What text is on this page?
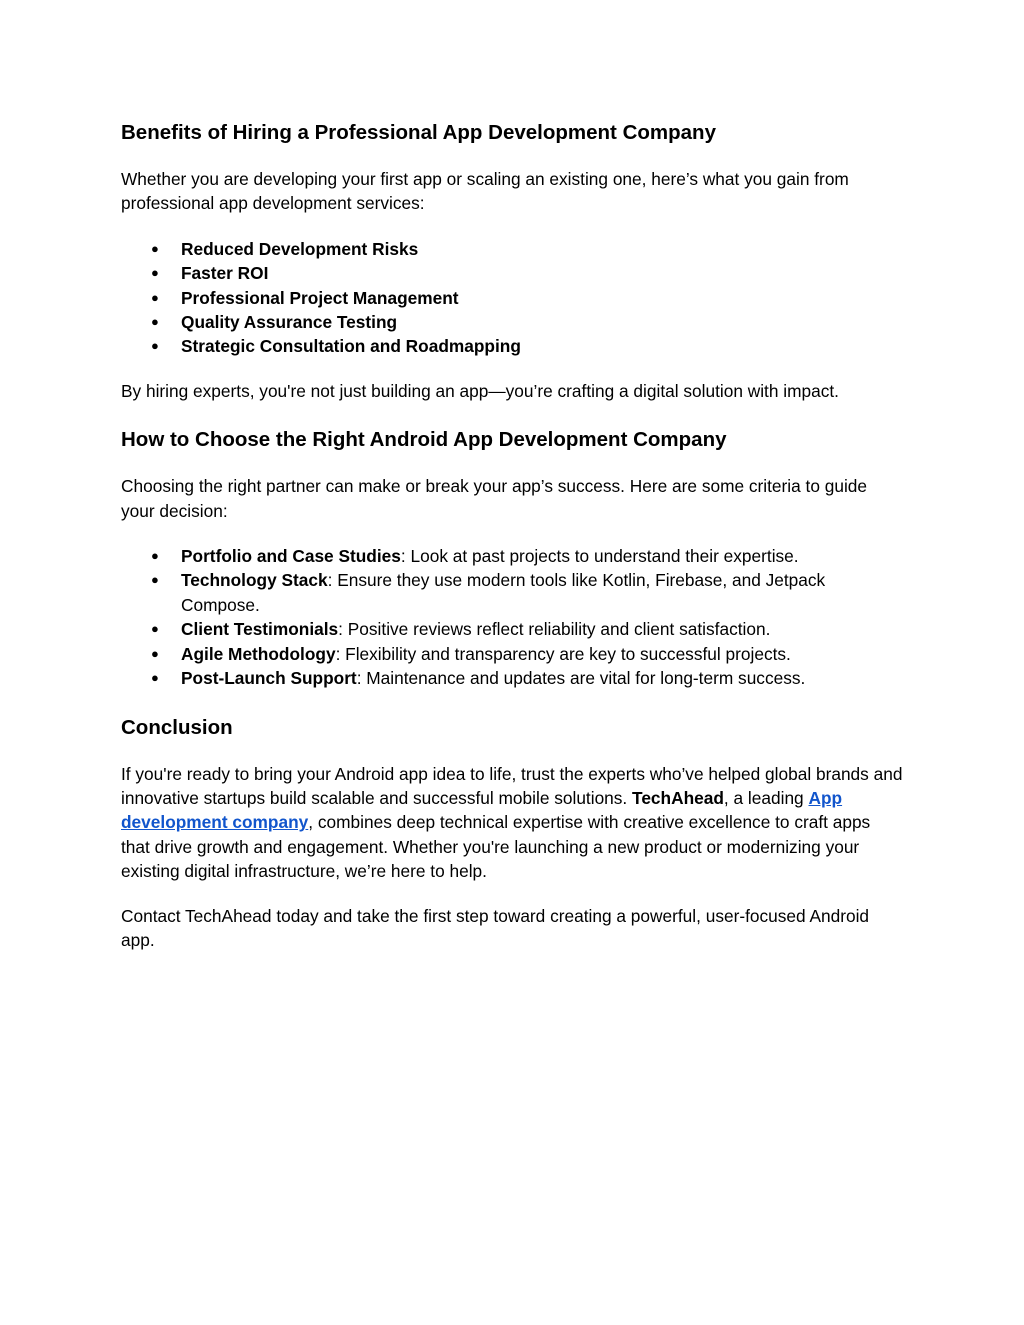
Benefits of Hiring a Professional App Development Company

Whether you are developing your first app or scaling an existing one, here’s what you gain from professional app development services:

● Reduced Development Risks
● Faster ROI
● Professional Project Management
● Quality Assurance Testing
● Strategic Consultation and Roadmapping

By hiring experts, you're not just building an app—you’re crafting a digital solution with impact.

How to Choose the Right Android App Development Company

Choosing the right partner can make or break your app’s success. Here are some criteria to guide your decision:

● Portfolio and Case Studies: Look at past projects to understand their expertise.
● Technology Stack: Ensure they use modern tools like Kotlin, Firebase, and Jetpack Compose.
● Client Testimonials: Positive reviews reflect reliability and client satisfaction.
● Agile Methodology: Flexibility and transparency are key to successful projects.
● Post-Launch Support: Maintenance and updates are vital for long-term success.
Conclusion

If you're ready to bring your Android app idea to life, trust the experts who’ve helped global brands and innovative startups build scalable and successful mobile solutions. TechAhead, a leading App development company, combines deep technical expertise with creative excellence to craft apps that drive growth and engagement. Whether you're launching a new product or modernizing your existing digital infrastructure, we’re here to help.

Contact TechAhead today and take the first step toward creating a powerful, user-focused Android app.
